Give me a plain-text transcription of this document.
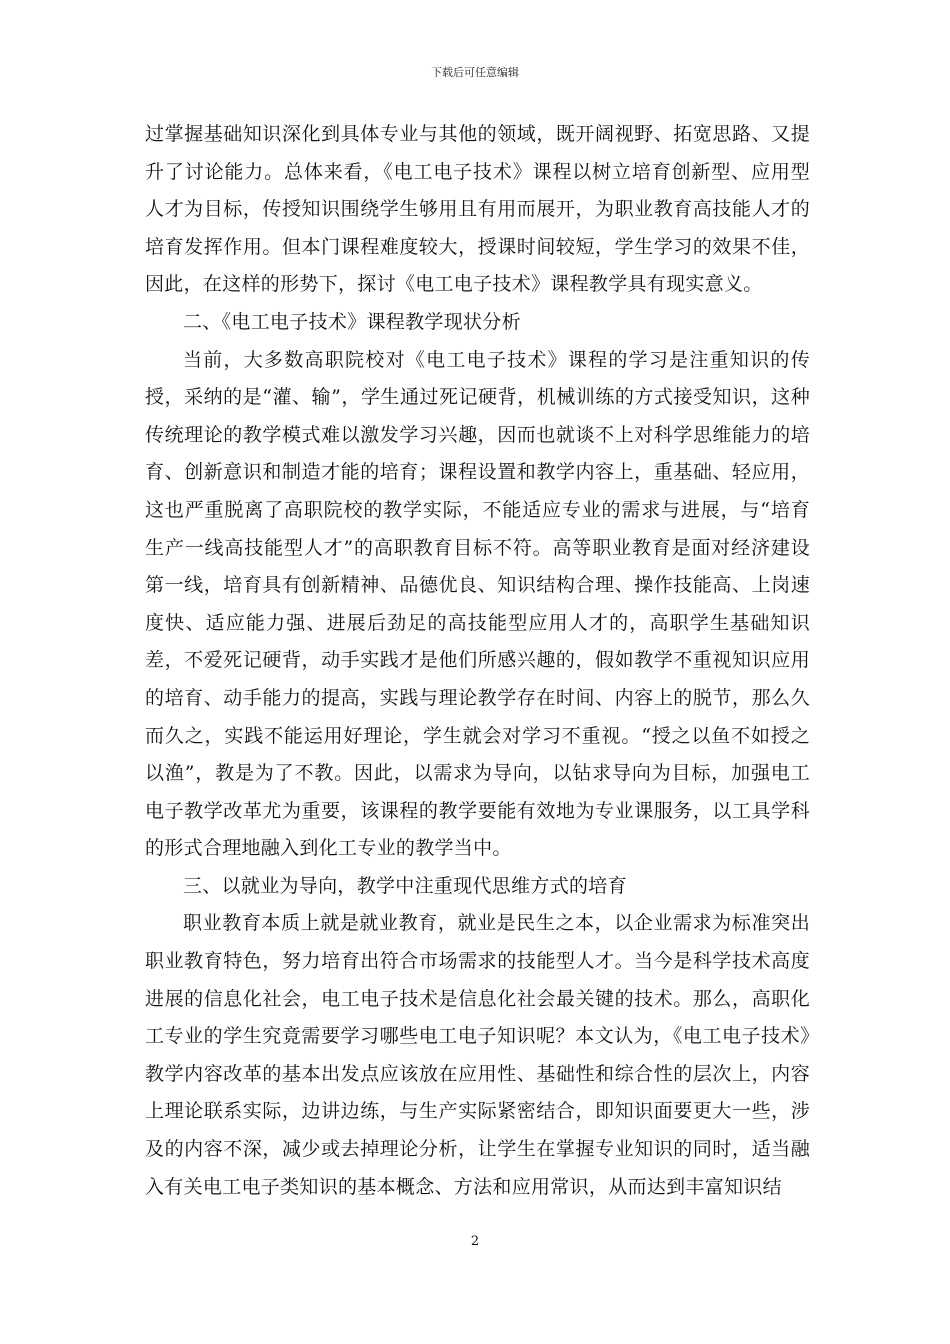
下载后可任意编辑

过掌握基础知识深化到具体专业与其他的领域，既开阔视野、拓宽思路、又提升了讨论能力。总体来看，《电工电子技术》课程以树立培育创新型、应用型人才为目标，传授知识围绕学生够用且有用而展开，为职业教育高技能人才的培育发挥作用。但本门课程难度较大，授课时间较短，学生学习的效果不佳，因此，在这样的形势下，探讨《电工电子技术》课程教学具有现实意义。

二、《电工电子技术》课程教学现状分析

当前，大多数高职院校对《电工电子技术》课程的学习是注重知识的传授，采纳的是“灌、输”，学生通过死记硬背，机械训练的方式接受知识，这种传统理论的教学模式难以激发学习兴趣，因而也就谈不上对科学思维能力的培育、创新意识和制造才能的培育；课程设置和教学内容上，重基础、轻应用，这也严重脱离了高职院校的教学实际，不能适应专业的需求与进展，与“培育生产一线高技能型人才”的高职教育目标不符。高等职业教育是面对经济建设第一线，培育具有创新精神、品德优良、知识结构合理、操作技能高、上岗速度快、适应能力强、进展后劲足的高技能型应用人才的，高职学生基础知识差，不爱死记硬背，动手实践才是他们所感兴趣的，假如教学不重视知识应用的培育、动手能力的提高，实践与理论教学存在时间、内容上的脱节，那么久而久之，实践不能运用好理论，学生就会对学习不重视。“授之以鱼不如授之以渔”，教是为了不教。因此，以需求为导向，以钻求导向为目标，加强电工电子教学改革尤为重要，该课程的教学要能有效地为专业课服务，以工具学科的形式合理地融入到化工专业的教学当中。

三、以就业为导向，教学中注重现代思维方式的培育

职业教育本质上就是就业教育，就业是民生之本，以企业需求为标准突出职业教育特色，努力培育出符合市场需求的技能型人才。当今是科学技术高度进展的信息化社会，电工电子技术是信息化社会最关键的技术。那么，高职化工专业的学生究竟需要学习哪些电工电子知识呢？本文认为，《电工电子技术》教学内容改革的基本出发点应该放在应用性、基础性和综合性的层次上，内容上理论联系实际，边讲边练，与生产实际紧密结合，即知识面要更大一些，涉及的内容不深，减少或去掉理论分析，让学生在掌握专业知识的同时，适当融入有关电工电子类知识的基本概念、方法和应用常识，从而达到丰富知识结

2
